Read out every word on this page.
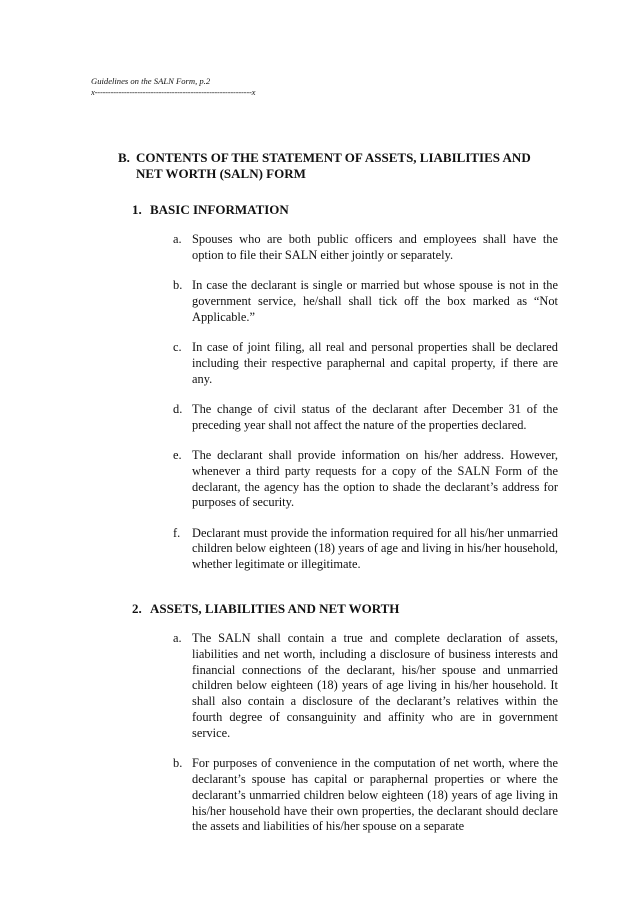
Guidelines on the SALN Form, p.2
x-----------------------------------------------------------x
B. CONTENTS OF THE STATEMENT OF ASSETS, LIABILITIES AND NET WORTH (SALN) FORM
1. BASIC INFORMATION
a. Spouses who are both public officers and employees shall have the option to file their SALN either jointly or separately.
b. In case the declarant is single or married but whose spouse is not in the government service, he/shall shall tick off the box marked as “Not Applicable.”
c. In case of joint filing, all real and personal properties shall be declared including their respective paraphernal and capital property, if there are any.
d. The change of civil status of the declarant after December 31 of the preceding year shall not affect the nature of the properties declared.
e. The declarant shall provide information on his/her address. However, whenever a third party requests for a copy of the SALN Form of the declarant, the agency has the option to shade the declarant’s address for purposes of security.
f. Declarant must provide the information required for all his/her unmarried children below eighteen (18) years of age and living in his/her household, whether legitimate or illegitimate.
2. ASSETS, LIABILITIES AND NET WORTH
a. The SALN shall contain a true and complete declaration of assets, liabilities and net worth, including a disclosure of business interests and financial connections of the declarant, his/her spouse and unmarried children below eighteen (18) years of age living in his/her household. It shall also contain a disclosure of the declarant’s relatives within the fourth degree of consanguinity and affinity who are in government service.
b. For purposes of convenience in the computation of net worth, where the declarant’s spouse has capital or paraphernal properties or where the declarant’s unmarried children below eighteen (18) years of age living in his/her household have their own properties, the declarant should declare the assets and liabilities of his/her spouse on a separate
